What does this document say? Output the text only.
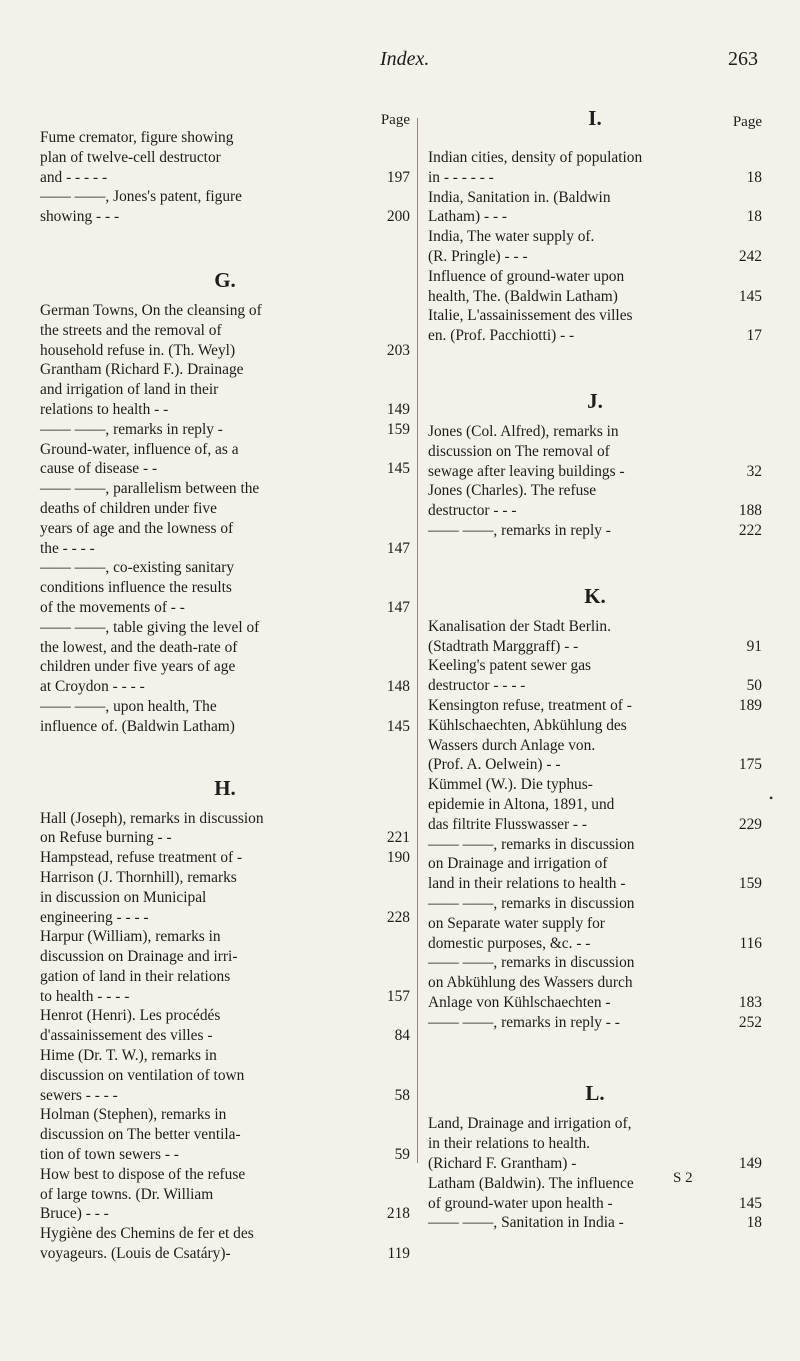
Index.	263
Page
Fume cremator, figure showing
plan of twelve-cell destructor
and - - - - -	197
—— ——, Jones's patent, figure
showing - - -	200
G.
German Towns, On the cleansing of
the streets and the removal of
household refuse in. (Th. Weyl)	203
Grantham (Richard F.). Drainage
and irrigation of land in their
relations to health - -	149
—— ——, remarks in reply -	159
Ground-water, influence of, as a
cause of disease - -	145
—— ——, parallelism between the
deaths of children under five
years of age and the lowness of
the - - - -	147
—— ——, co-existing sanitary
conditions influence the results
of the movements of - -	147
—— ——, table giving the level of
the lowest, and the death-rate of
children under five years of age
at Croydon - - - -	148
—— ——, upon health, The
influence of. (Baldwin Latham)	145
H.
Hall (Joseph), remarks in discussion
on Refuse burning - -	221
Hampstead, refuse treatment of -	190
Harrison (J. Thornhill), remarks
in discussion on Municipal
engineering - - - -	228
Harpur (William), remarks in
discussion on Drainage and irri-
gation of land in their relations
to health - - - -	157
Henrot (Henri). Les procédés
d'assainissement des villes -	84
Hime (Dr. T. W.), remarks in
discussion on ventilation of town
sewers - - - -	58
Holman (Stephen), remarks in
discussion on The better ventila-
tion of town sewers - -	59
How best to dispose of the refuse
of large towns. (Dr. William
Bruce) - - -	218
Hygiène des Chemins de fer et des
voyageurs. (Louis de Csatáry)-	119
Page
I.
Indian cities, density of population
in - - - - - -	18
India, Sanitation in. (Baldwin
Latham) - - -	18
India, The water supply of.
(R. Pringle) - - -	242
Influence of ground-water upon
health, The. (Baldwin Latham)	145
Italie, L'assainissement des villes
en. (Prof. Pacchiotti) - -	17
J.
Jones (Col. Alfred), remarks in
discussion on The removal of
sewage after leaving buildings -	32
Jones (Charles). The refuse
destructor - - -	188
—— ——, remarks in reply -	222
K.
Kanalisation der Stadt Berlin.
(Stadtrath Marggraff) - -	91
Keeling's patent sewer gas
destructor - - - -	50
Kensington refuse, treatment of -	189
Kühlschaechten, Abkühlung des
Wassers durch Anlage von.
(Prof. A. Oelwein) - -	175
Kümmel (W.). Die typhus-
epidemie in Altona, 1891, und
das filtrite Flusswasser - -	229
—— ——, remarks in discussion
on Drainage and irrigation of
land in their relations to health -	159
—— ——, remarks in discussion
on Separate water supply for
domestic purposes, &c. - -	116
—— ——, remarks in discussion
on Abkühlung des Wassers durch
Anlage von Kühlschaechten -	183
—— ——, remarks in reply - -	252
L.
Land, Drainage and irrigation of,
in their relations to health.
(Richard F. Grantham) -	149
Latham (Baldwin). The influence
of ground-water upon health -	145
—— ——, Sanitation in India -	18
S 2
•
